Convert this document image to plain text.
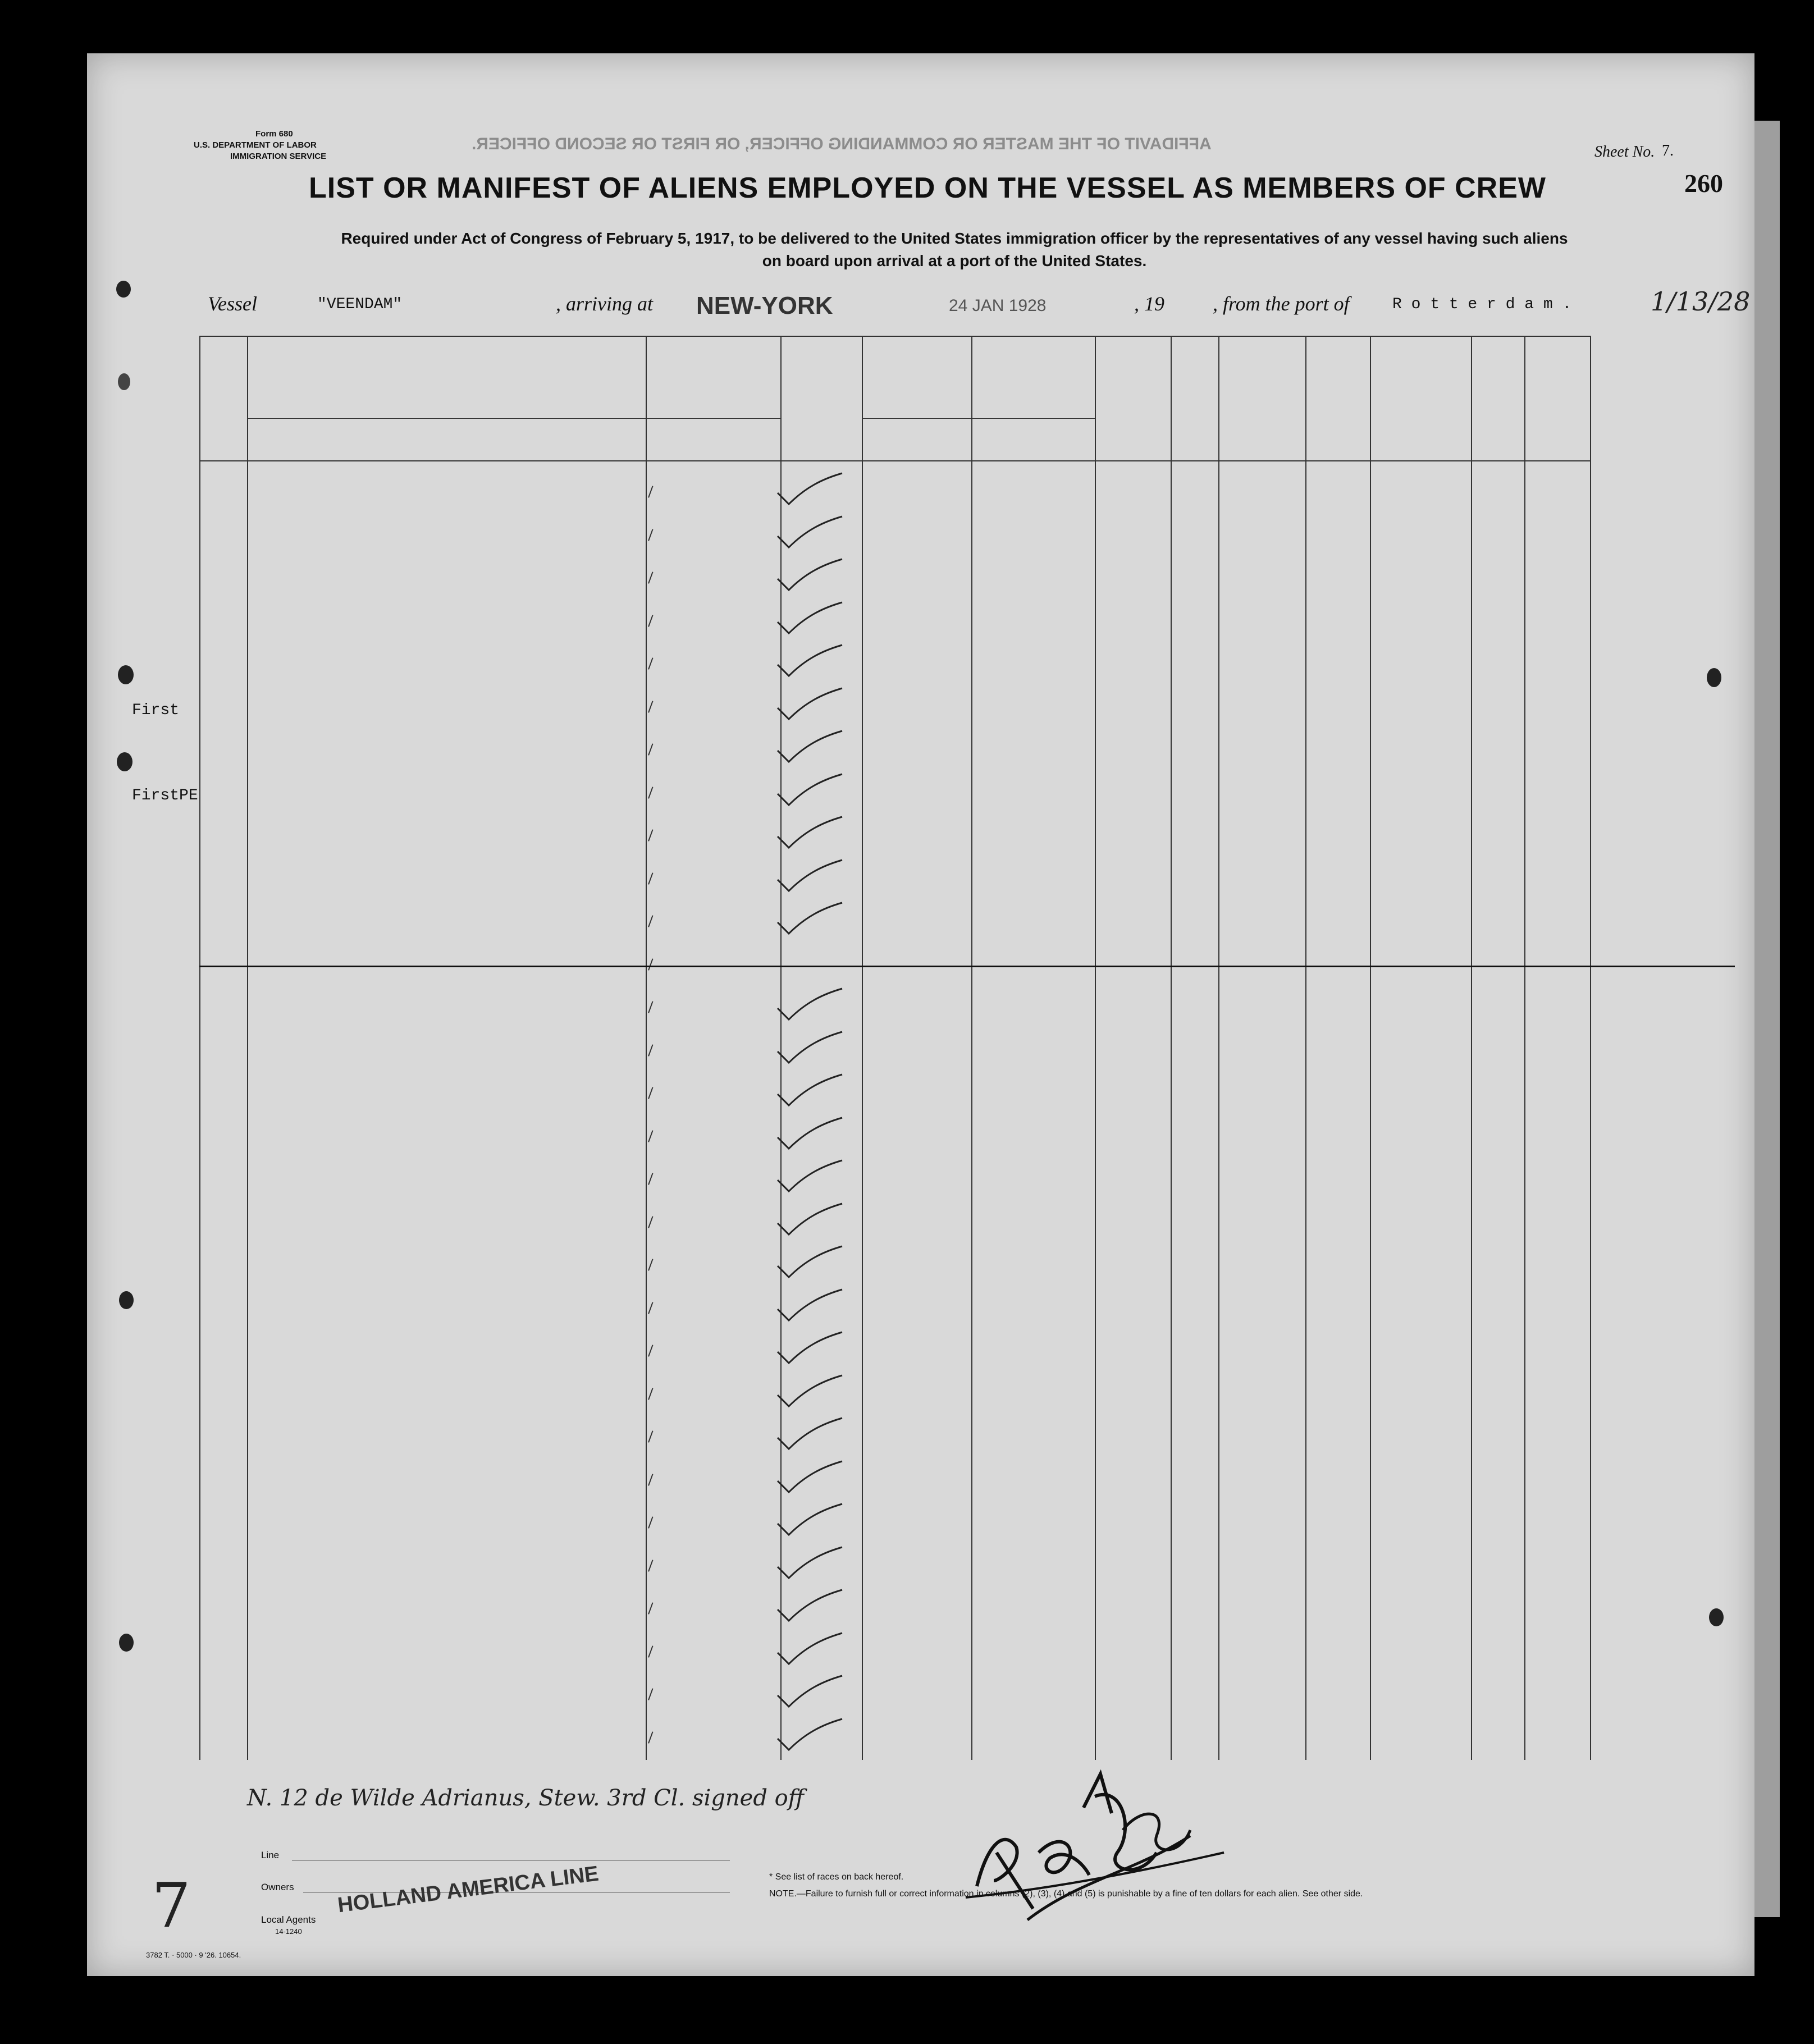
Form 680
U.S. DEPARTMENT OF LABOR
IMMIGRATION SERVICE
AFFIDAVIT OF THE MASTER OR COMMANDING OFFICER, OR FIRST OR SECOND OFFICER.	Sheet No. 7.
260
LIST OR MANIFEST OF ALIENS EMPLOYED ON THE VESSEL AS MEMBERS OF CREW
Required under Act of Congress of February 5, 1917, to be delivered to the United States immigration officer by the representatives of any vessel having such aliens
on board upon arrival at a port of the United States.
Vessel	"VEENDAM"	, arriving at NEW-YORK	24 JAN 1928	, 19 , from the port of	R o t t e r d a m .	1/13/28
First
FirstPE
N. 12 de Wilde Adrianus, Stew. 3rd Cl. signed off
Line
Owners
Local Agents
14-1240
HOLLAND AMERICA LINE	* See list of races on back hereof.
NOTE.—Failure to furnish full or correct information in columns (2), (3), (4) and (5) is punishable by a fine of ten dollars for each alien. See other side.
3782 T. · 5000 · 9 '26. 10654.
7
